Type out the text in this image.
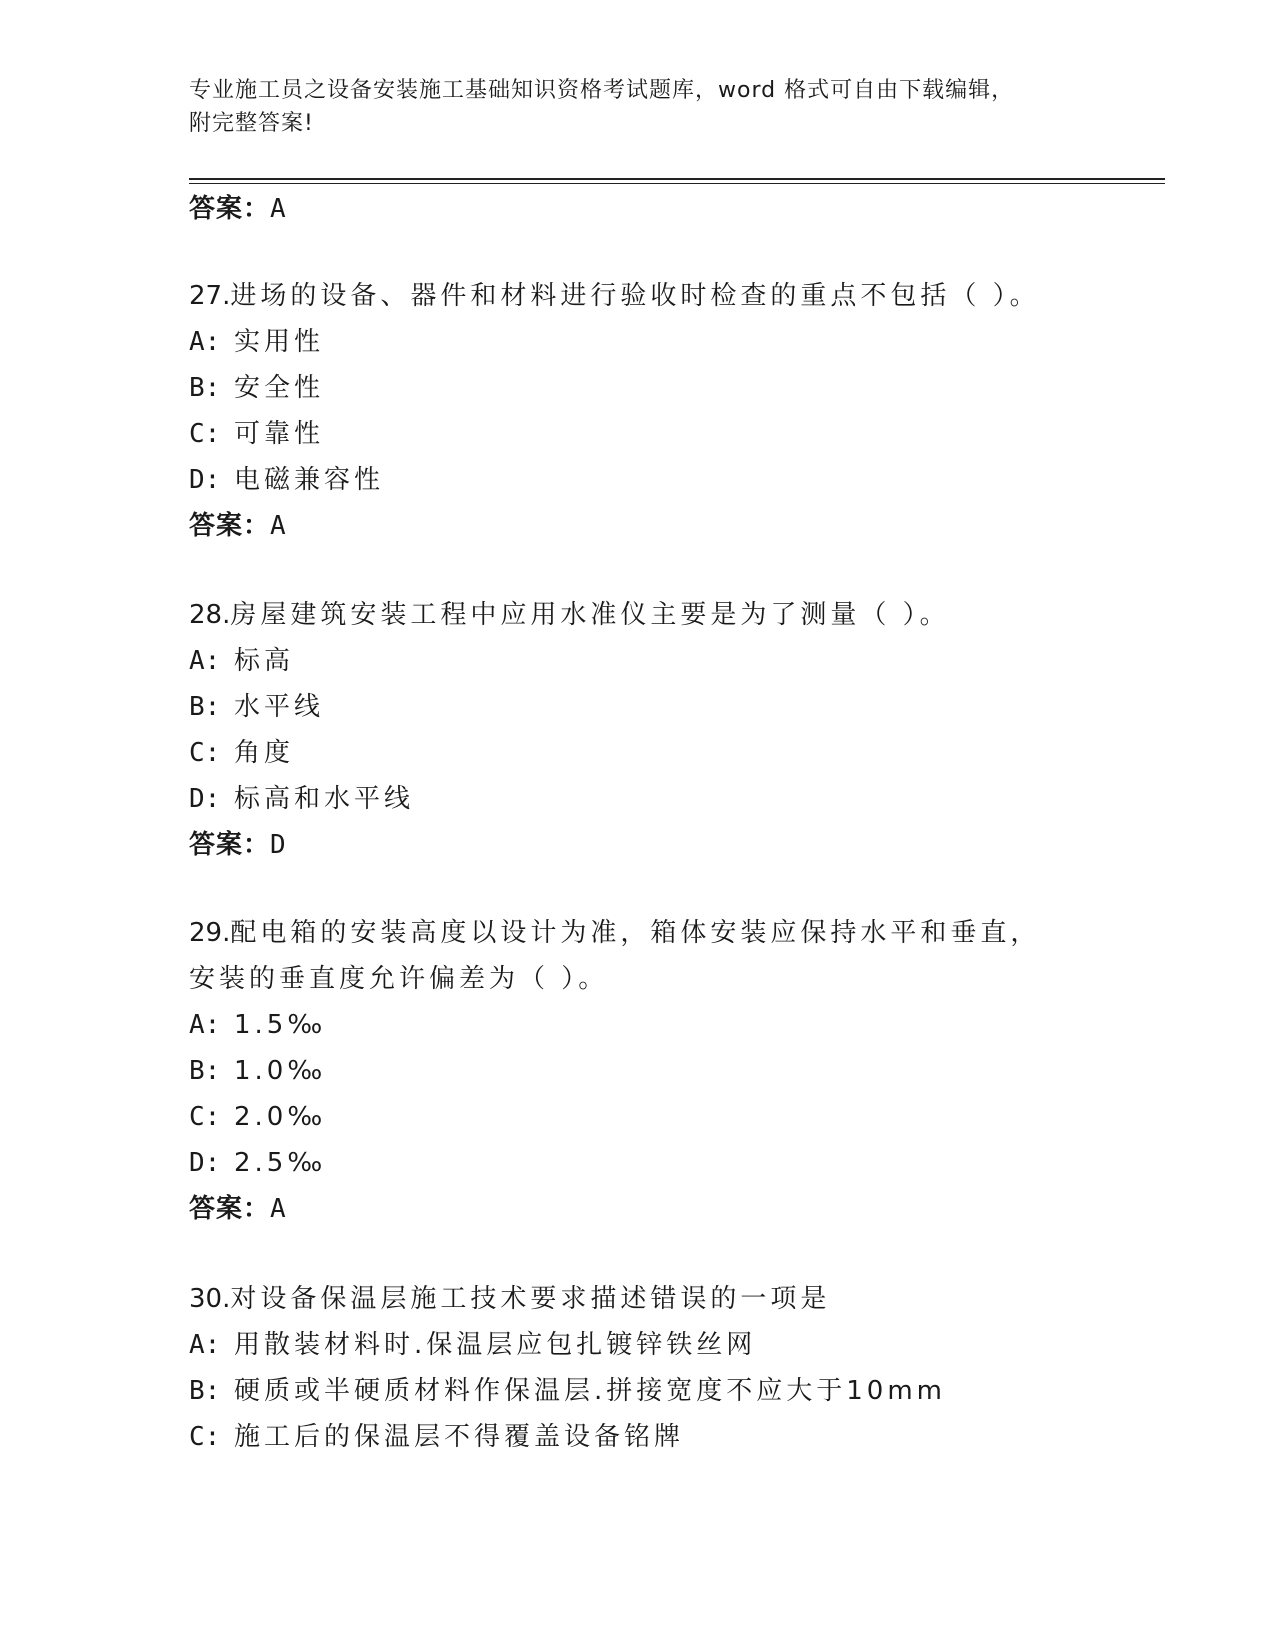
专业施工员之设备安装施工基础知识资格考试题库，word 格式可自由下载编辑，
附完整答案!

答案：A

27.进场的设备、器件和材料进行验收时检查的重点不包括（ ）。

A: 实用性
B: 安全性
C: 可靠性
D: 电磁兼容性

答案：A

28.房屋建筑安装工程中应用水准仪主要是为了测量（ ）。

A: 标高
B: 水平线
C: 角度
D: 标高和水平线

答案：D

29.配电箱的安装高度以设计为准，箱体安装应保持水平和垂直，安装的垂直度允许偏差为（ ）。

A: 1.5‰
B: 1.0‰
C: 2.0‰
D: 2.5‰

答案：A

30.对设备保温层施工技术要求描述错误的一项是

A: 用散装材料时.保温层应包扎镀锌铁丝网
B: 硬质或半硬质材料作保温层.拼接宽度不应大于10mm
C: 施工后的保温层不得覆盖设备铭牌
